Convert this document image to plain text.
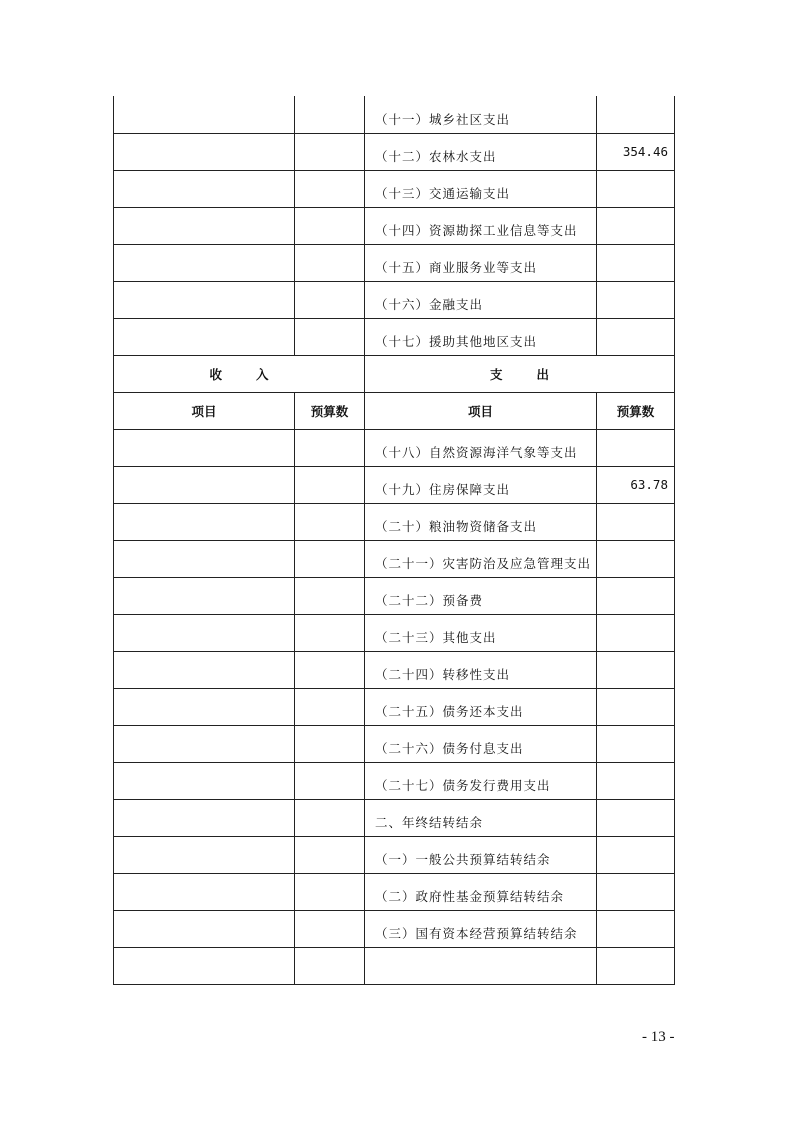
		（十一）城乡社区支出	
		（十二）农林水支出	354.46
		（十三）交通运输支出	
		（十四）资源勘探工业信息等支出	
		（十五）商业服务业等支出	
		（十六）金融支出	
		（十七）援助其他地区支出	
收入		支出	
项目	预算数	项目	预算数
		（十八）自然资源海洋气象等支出	
		（十九）住房保障支出	63.78
		（二十）粮油物资储备支出	
		（二十一）灾害防治及应急管理支出	
		（二十二）预备费	
		（二十三）其他支出	
		（二十四）转移性支出	
		（二十五）债务还本支出	
		（二十六）债务付息支出	
		（二十七）债务发行费用支出	
		二、年终结转结余	
		（一）一般公共预算结转结余	
		（二）政府性基金预算结转结余	
		（三）国有资本经营预算结转结余	

- 13 -
